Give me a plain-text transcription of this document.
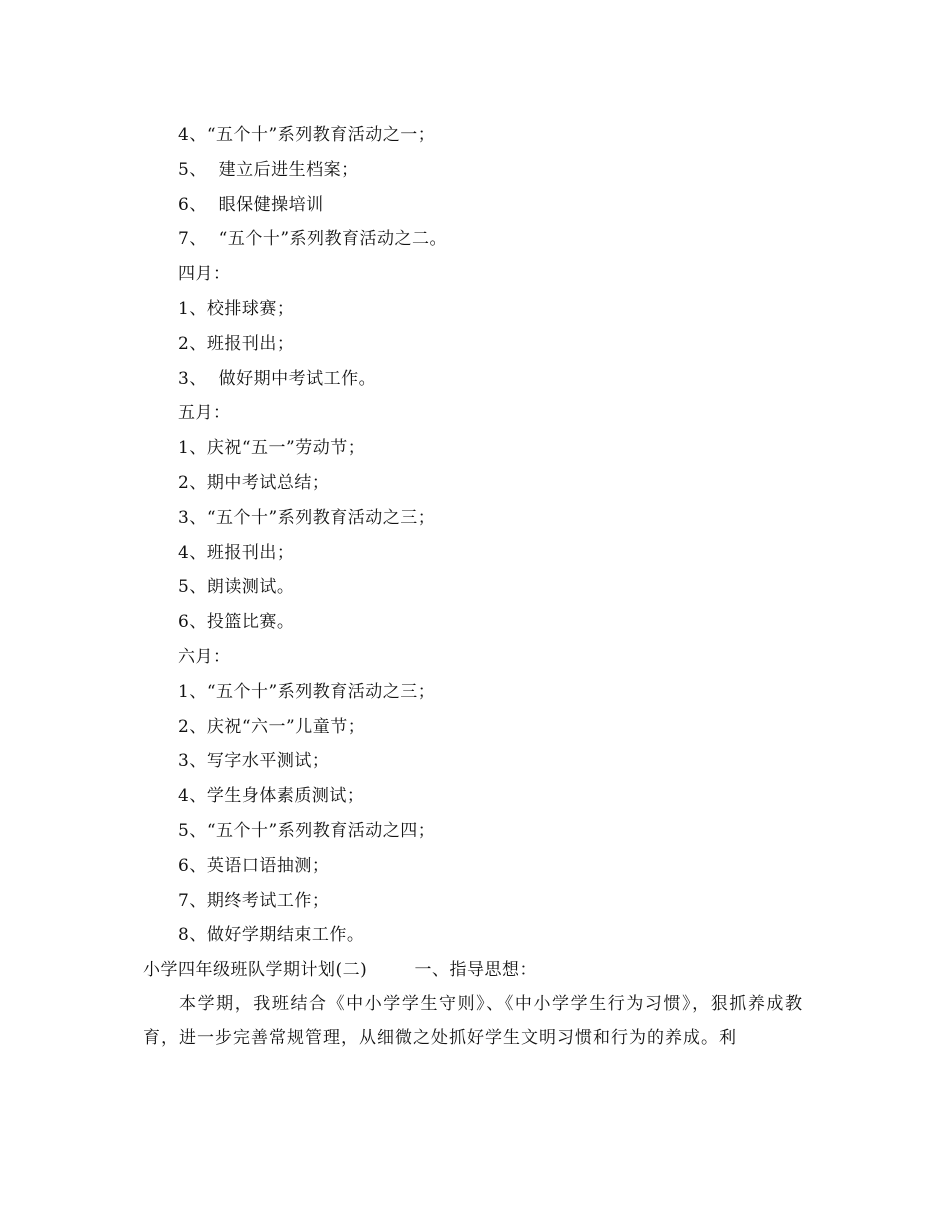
4、“五个十”系列教育活动之一；
5、  建立后进生档案；
6、  眼保健操培训
7、  “五个十”系列教育活动之二。
四月：
1、校排球赛；
2、班报刊出；
3、  做好期中考试工作。
五月：
1、庆祝“五一”劳动节；
2、期中考试总结；
3、“五个十”系列教育活动之三；
4、班报刊出；
5、朗读测试。
6、投篮比赛。
六月：
1、“五个十”系列教育活动之三；
2、庆祝“六一”儿童节；
3、写字水平测试；
4、学生身体素质测试；
5、“五个十”系列教育活动之四；
6、英语口语抽测；
7、期终考试工作；
8、做好学期结束工作。
小学四年级班队学期计划(二)        一、指导思想：

本学期，我班结合《中小学学生守则》、《中小学学生行为习惯》，狠抓养成教育，进一步完善常规管理，从细微之处抓好学生文明习惯和行为的养成。利
